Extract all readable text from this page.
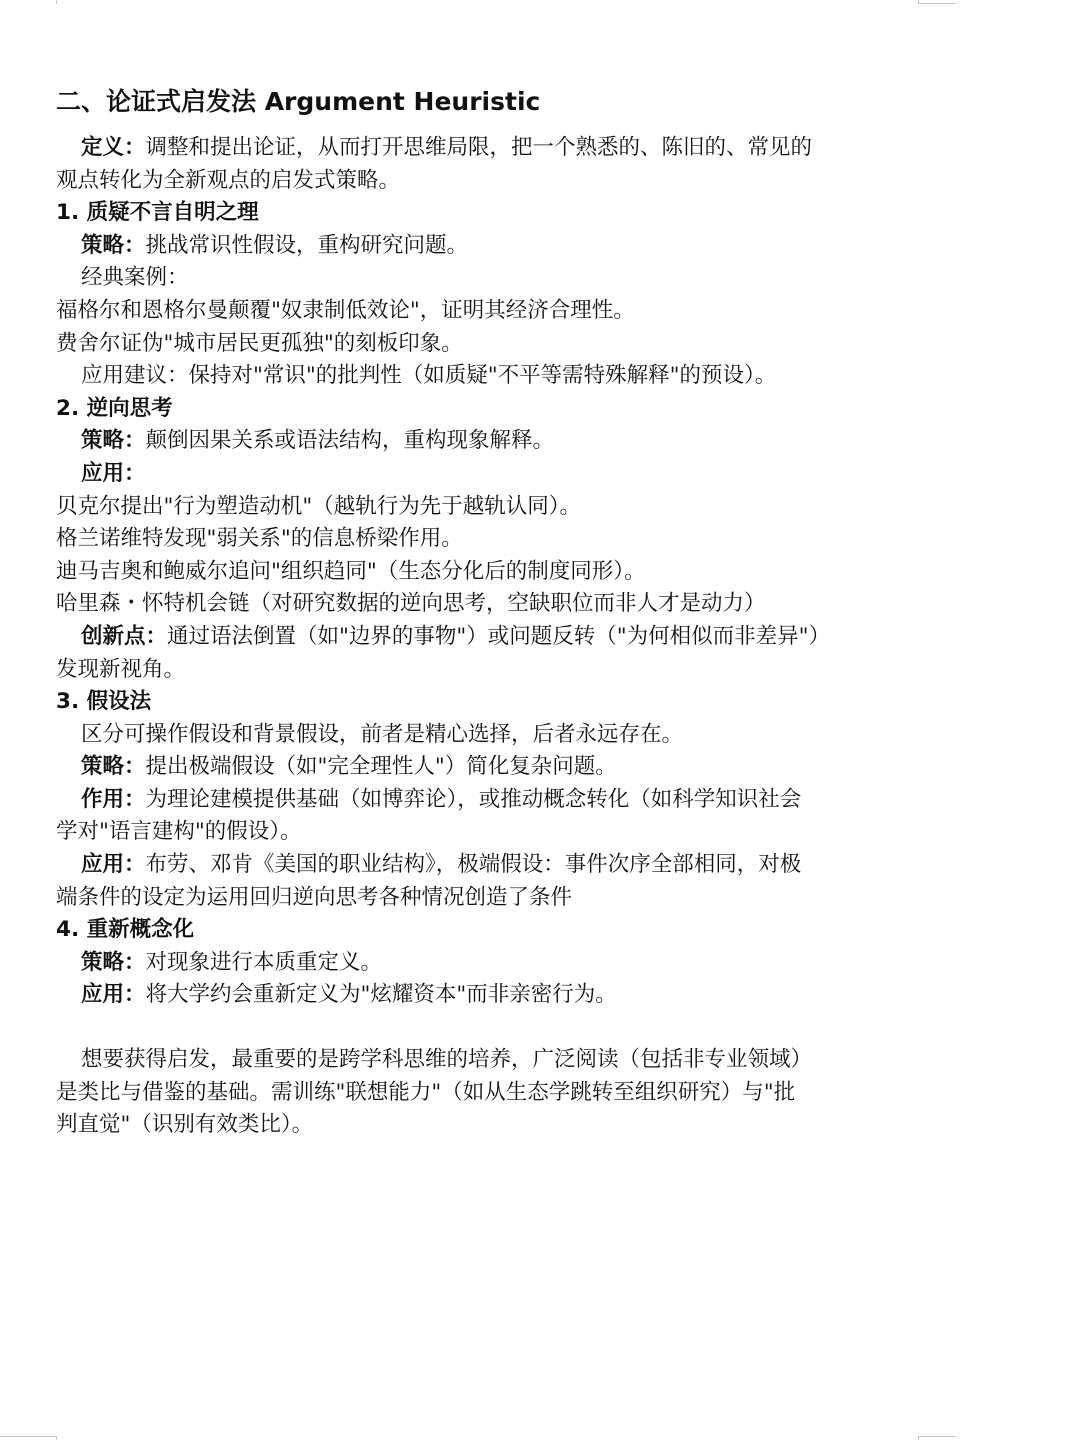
二、论证式启发法 Argument Heuristic
定义：调整和提出论证，从而打开思维局限，把一个熟悉的、陈旧的、常见的
观点转化为全新观点的启发式策略。
1. 质疑不言自明之理
策略：挑战常识性假设，重构研究问题。
经典案例：
福格尔和恩格尔曼颠覆"奴隶制低效论"，证明其经济合理性。
费舍尔证伪"城市居民更孤独"的刻板印象。
应用建议：保持对"常识"的批判性（如质疑"不平等需特殊解释"的预设）。
2. 逆向思考
策略：颠倒因果关系或语法结构，重构现象解释。
应用：
贝克尔提出"行为塑造动机"（越轨行为先于越轨认同）。
格兰诺维特发现"弱关系"的信息桥梁作用。
迪马吉奥和鲍威尔追问"组织趋同"（生态分化后的制度同形）。
哈里森・怀特机会链（对研究数据的逆向思考，空缺职位而非人才是动力）
创新点：通过语法倒置（如"边界的事物"）或问题反转（"为何相似而非差异"）
发现新视角。
3. 假设法
区分可操作假设和背景假设，前者是精心选择，后者永远存在。
策略：提出极端假设（如"完全理性人"）简化复杂问题。
作用：为理论建模提供基础（如博弈论），或推动概念转化（如科学知识社会
学对"语言建构"的假设）。
应用：布劳、邓肯《美国的职业结构》，极端假设：事件次序全部相同，对极
端条件的设定为运用回归逆向思考各种情况创造了条件
4. 重新概念化
策略：对现象进行本质重定义。
应用：将大学约会重新定义为"炫耀资本"而非亲密行为。
想要获得启发，最重要的是跨学科思维的培养，广泛阅读（包括非专业领域）
是类比与借鉴的基础。需训练"联想能力"（如从生态学跳转至组织研究）与"批
判直觉"（识别有效类比）。
